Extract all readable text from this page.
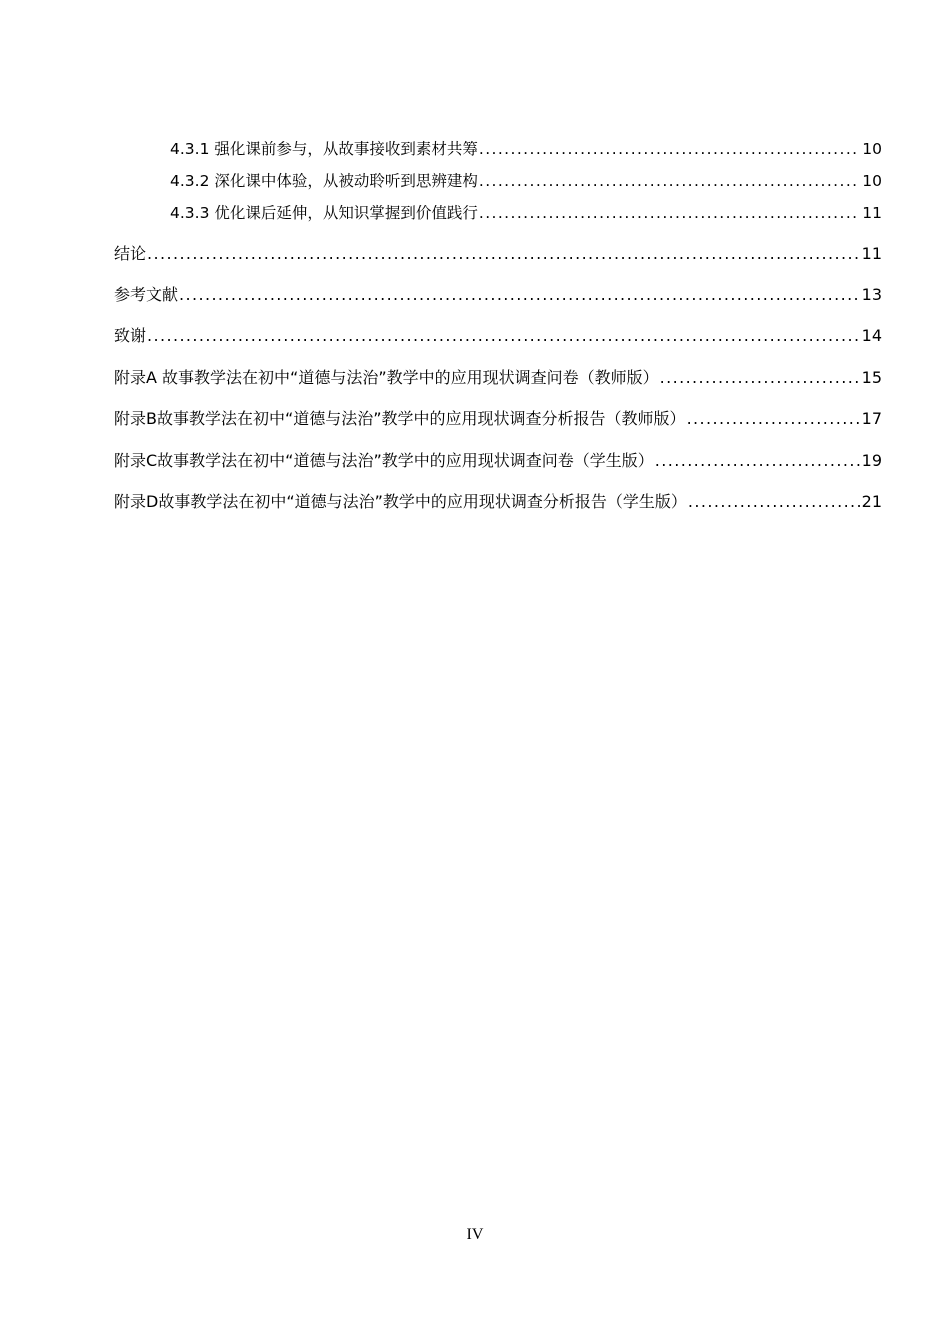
4.3.1 强化课前参与，从故事接收到素材共筹 .....	10
4.3.2 深化课中体验，从被动聆听到思辨建构 .....	10
4.3.3 优化课后延伸，从知识掌握到价值践行 .....	11
结论 .....	11
参考文献 .....	13
致谢 .....	14
附录A 故事教学法在初中“道德与法治”教学中的应用现状调查问卷（教师版） .....	15
附录B故事教学法在初中“道德与法治”教学中的应用现状调查分析报告（教师版） .....	17
附录C故事教学法在初中“道德与法治”教学中的应用现状调查问卷（学生版） .....	19
附录D故事教学法在初中“道德与法治”教学中的应用现状调查分析报告（学生版） .....	21
IV
